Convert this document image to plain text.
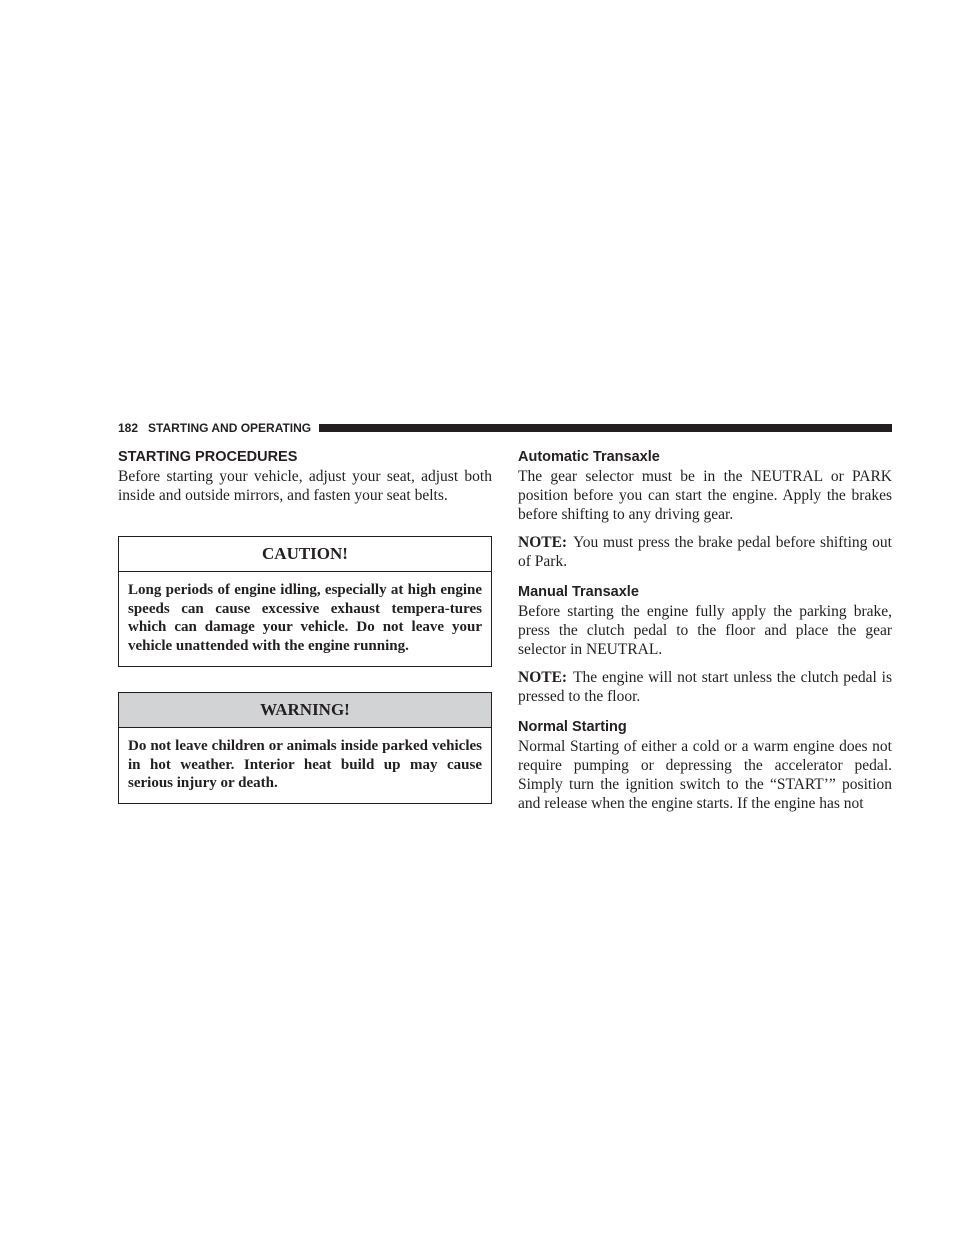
182 STARTING AND OPERATING
STARTING PROCEDURES

Before starting your vehicle, adjust your seat, adjust both inside and outside mirrors, and fasten your seat belts.

CAUTION!
Long periods of engine idling, especially at high engine speeds can cause excessive exhaust tempera-tures which can damage your vehicle. Do not leave your vehicle unattended with the engine running.
WARNING!
Do not leave children or animals inside parked vehicles in hot weather. Interior heat build up may cause serious injury or death.
Automatic Transaxle

The gear selector must be in the NEUTRAL or PARK position before you can start the engine. Apply the brakes before shifting to any driving gear.

NOTE: You must press the brake pedal before shifting out of Park.

Manual Transaxle

Before starting the engine fully apply the parking brake, press the clutch pedal to the floor and place the gear selector in NEUTRAL.

NOTE: The engine will not start unless the clutch pedal is pressed to the floor.

Normal Starting

Normal Starting of either a cold or a warm engine does not require pumping or depressing the accelerator pedal. Simply turn the ignition switch to the “START’” position and release when the engine starts. If the engine has not
